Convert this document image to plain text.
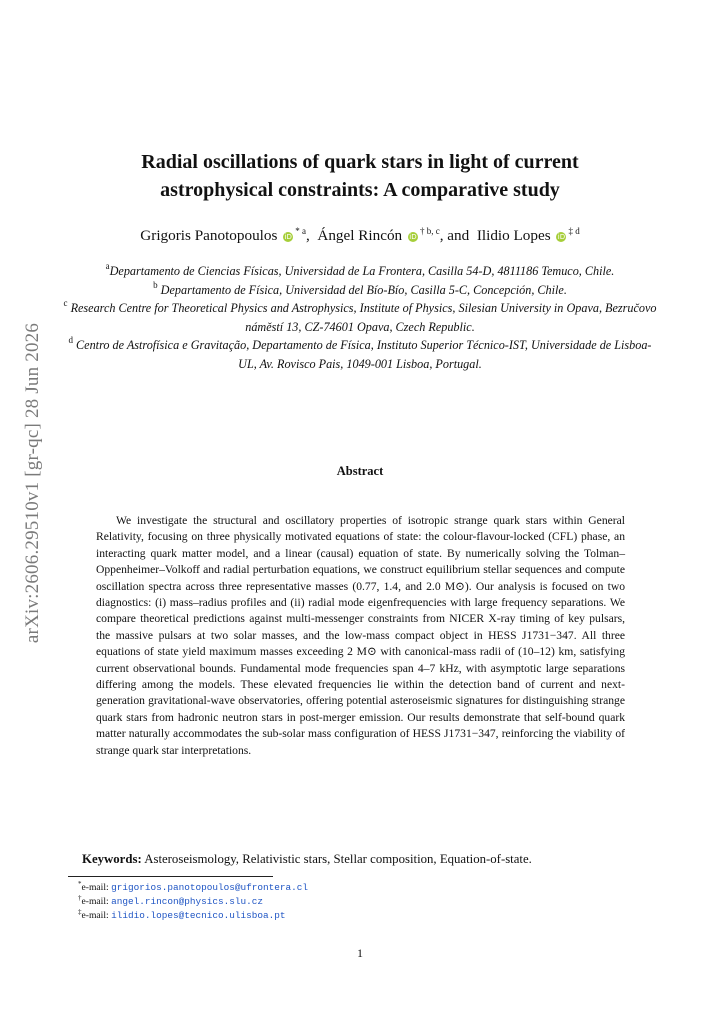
arXiv:2606.29510v1 [gr-qc] 28 Jun 2026
Radial oscillations of quark stars in light of current
astrophysical constraints: A comparative study
Grigoris Panotopoulos $iD^{* a}$, Ángel Rincón iD$^{\dagger b, c}$, and Ilidio Lopes $iD^{\ddagger d}$

$^a$Departamento de Ciencias Físicas, Universidad de La Frontera, Casilla 54-D, 4811186 Temuco, Chile.

$^b$ Departamento de Física, Universidad del Bío-Bío, Casilla 5-C, Concepción, Chile.

$^c$ Research Centre for Theoretical Physics and Astrophysics, Institute of Physics, Silesian University in Opava, Bezručovo náměstí 13, CZ-74601 Opava, Czech Republic.

$^d$ Centro de Astrofísica e Gravitação, Departamento de Física, Instituto Superior Técnico-IST, Universidade de Lisboa-UL, Av. Rovisco Pais, 1049-001 Lisboa, Portugal.

Abstract
We investigate the structural and oscillatory properties of isotropic strange quark stars within General Relativity, focusing on three physically motivated equations of state: the colour-flavour-locked (CFL) phase, an interacting quark matter model, and a linear (causal) equation of state. By numerically solving the Tolman–Oppenheimer–Volkoff and radial perturbation equations, we construct equilibrium stellar sequences and compute oscillation spectra across three representative masses (0.77, 1.4, and 2.0 M⊙). Our analysis is focused on two diagnostics: (i) mass–radius profiles and (ii) radial mode eigenfrequencies with large frequency separations. We compare theoretical predictions against multi-messenger constraints from NICER X-ray timing of key pulsars, the massive pulsars at two solar masses, and the low-mass compact object in HESS J1731−347. All three equations of state yield maximum masses exceeding 2 M⊙ with canonical-mass radii of (10–12) km, satisfying current observational bounds. Fundamental mode frequencies span 4–7 kHz, with asymptotic large separations differing among the models. These elevated frequencies lie within the detection band of current and next-generation gravitational-wave observatories, offering potential asteroseismic signatures for distinguishing strange quark stars from hadronic neutron stars in post-merger emission. Our results demonstrate that self-bound quark matter naturally accommodates the sub-solar mass configuration of HESS J1731−347, reinforcing the viability of strange quark star interpretations.
Keywords: Asteroseismology, Relativistic stars, Stellar composition, Equation-of-state.
*e-mail: grigorios.panotopoulos@ufrontera.cl
†e-mail: angel.rincon@physics.slu.cz
‡e-mail: ilidio.lopes@tecnico.ulisboa.pt
1
